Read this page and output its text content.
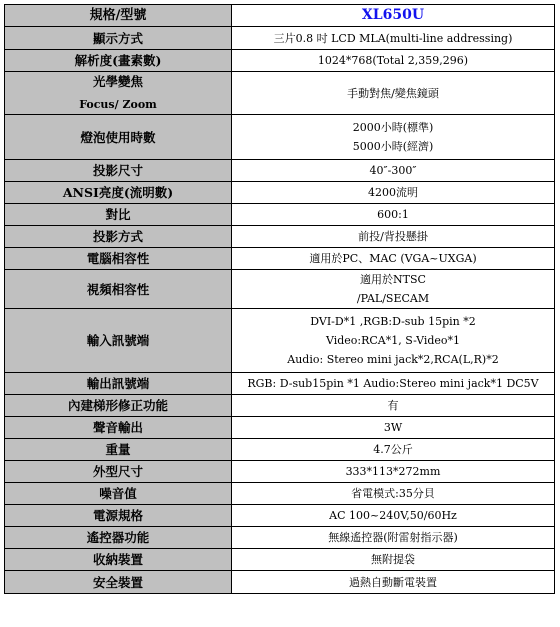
規格/型號	XL650U

顯示方式	三片0.8 吋 LCD MLA(multi-line addressing)

解析度(畫素數)	1024*768(Total 2,359,296)

光學變焦
Focus/ Zoom	手動對焦/變焦鏡頭

燈泡使用時數	2000小時(標準)
5000小時(經濟)

投影尺寸	40″-300″

ANSI亮度(流明數)	4200流明

對比	600:1

投影方式	前投/背投懸掛

電腦相容性	適用於PC、MAC (VGA~UXGA)

視頻相容性	適用於NTSC
/PAL/SECAM

輸入訊號端	DVI-D*1 ,RGB:D-sub 15pin *2
Video:RCA*1, S-Video*1
Audio: Stereo mini jack*2,RCA(L,R)*2

輸出訊號端	RGB: D-sub15pin *1 Audio:Stereo mini jack*1 DC5V

內建梯形修正功能	有

聲音輸出	3W

重量	4.7公斤

外型尺寸	333*113*272mm

噪音值	省電模式:35分貝

電源規格	AC 100~240V,50/60Hz

遙控器功能	無線遙控器(附雷射指示器)

收納裝置	無附提袋

安全裝置	過熱自動斷電裝置
